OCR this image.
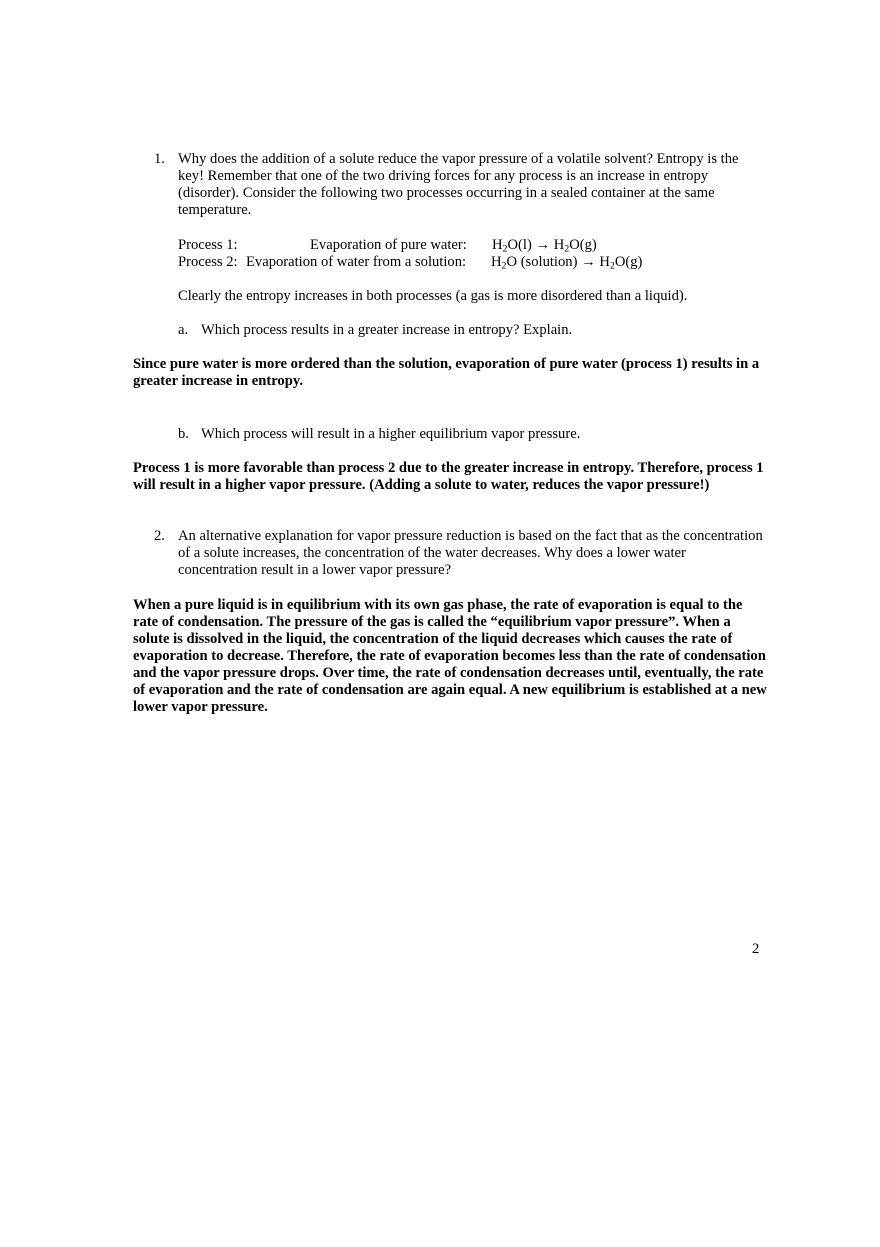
1. Why does the addition of a solute reduce the vapor pressure of a volatile solvent? Entropy is the key! Remember that one of the two driving forces for any process is an increase in entropy (disorder). Consider the following two processes occurring in a sealed container at the same temperature.
Process 1:	Evaporation of pure water: $H_2O(l) \to H_2O(g)$
Process 2: Evaporation of water from a solution: $H_2O$ (solution) → $H_2O(g)$
Clearly the entropy increases in both processes (a gas is more disordered than a liquid).
a. Which process results in a greater increase in entropy? Explain.
Since pure water is more ordered than the solution, evaporation of pure water (process 1) results in a greater increase in entropy.
b. Which process will result in a higher equilibrium vapor pressure.
Process 1 is more favorable than process 2 due to the greater increase in entropy. Therefore, process 1 will result in a higher vapor pressure. (Adding a solute to water, reduces the vapor pressure!)
2. An alternative explanation for vapor pressure reduction is based on the fact that as the concentration of a solute increases, the concentration of the water decreases. Why does a lower water concentration result in a lower vapor pressure?
When a pure liquid is in equilibrium with its own gas phase, the rate of evaporation is equal to the rate of condensation. The pressure of the gas is called the “equilibrium vapor pressure”. When a solute is dissolved in the liquid, the concentration of the liquid decreases which causes the rate of evaporation to decrease. Therefore, the rate of evaporation becomes less than the rate of condensation and the vapor pressure drops. Over time, the rate of condensation decreases until, eventually, the rate of evaporation and the rate of condensation are again equal. A new equilibrium is established at a new lower vapor pressure.
2
